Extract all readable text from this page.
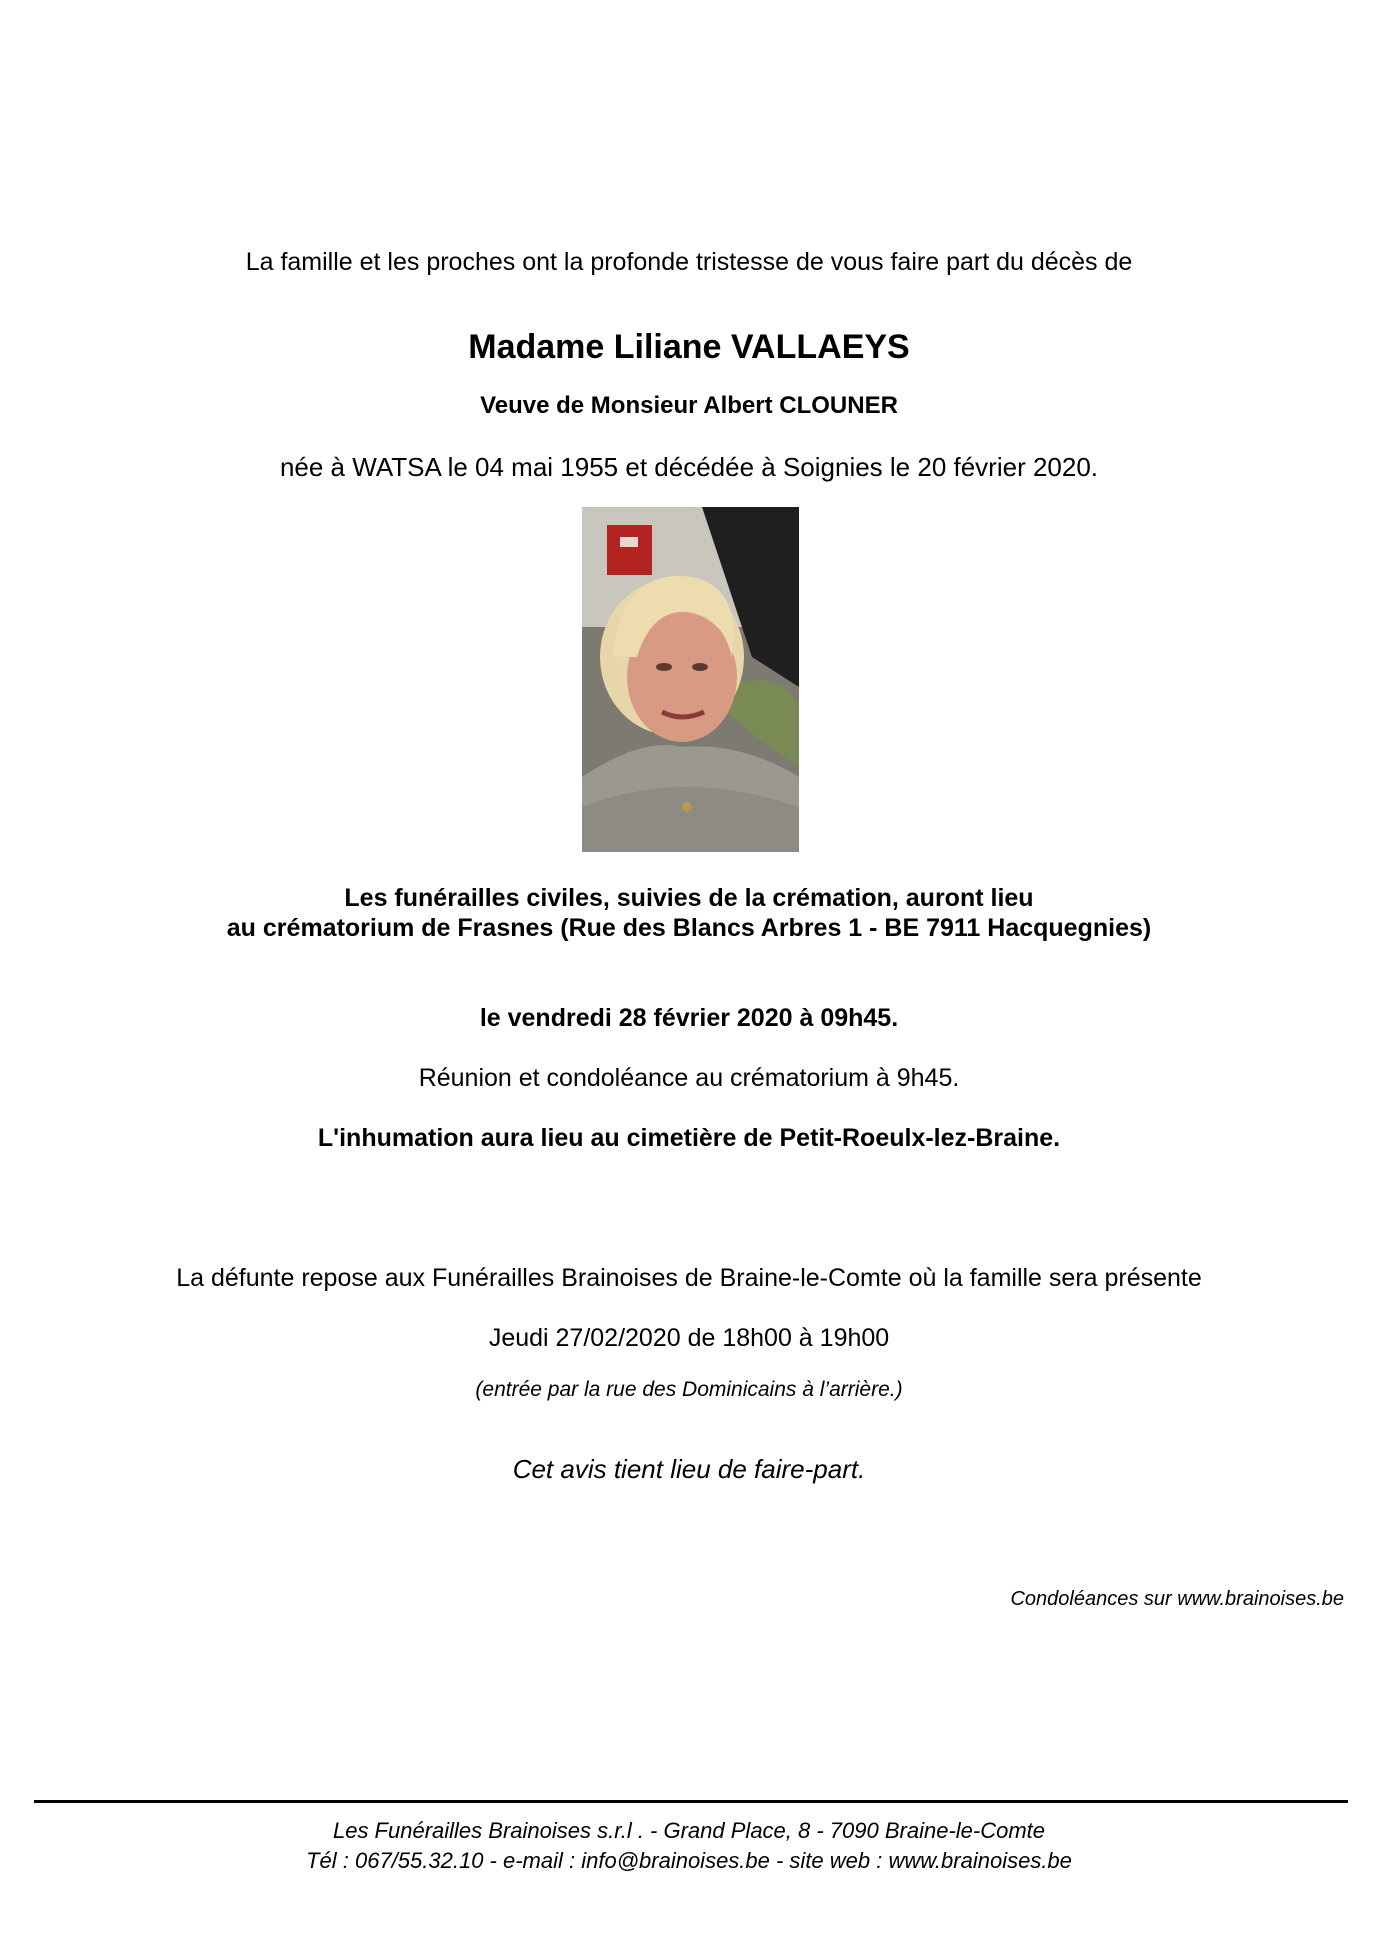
La famille et les proches ont la profonde tristesse de vous faire part du décès de
Madame Liliane VALLAEYS
Veuve de Monsieur Albert CLOUNER
née à WATSA le 04 mai 1955 et décédée à Soignies le 20 février 2020.
Les funérailles civiles, suivies de la crémation, auront lieu
au crématorium de Frasnes (Rue des Blancs Arbres 1 - BE 7911 Hacquegnies)
le vendredi 28 février 2020 à 09h45.
Réunion et condoléance au crématorium à 9h45.
L'inhumation aura lieu au cimetière de Petit-Roeulx-lez-Braine.
La défunte repose aux Funérailles Brainoises de Braine-le-Comte où la famille sera présente
Jeudi 27/02/2020 de 18h00 à 19h00
(entrée par la rue des Dominicains à l’arrière.)
Cet avis tient lieu de faire-part.
Condoléances sur www.brainoises.be
Les Funérailles Brainoises s.r.l . - Grand Place, 8 - 7090 Braine-le-Comte
Tél : 067/55.32.10 - e-mail : info@brainoises.be - site web : www.brainoises.be
